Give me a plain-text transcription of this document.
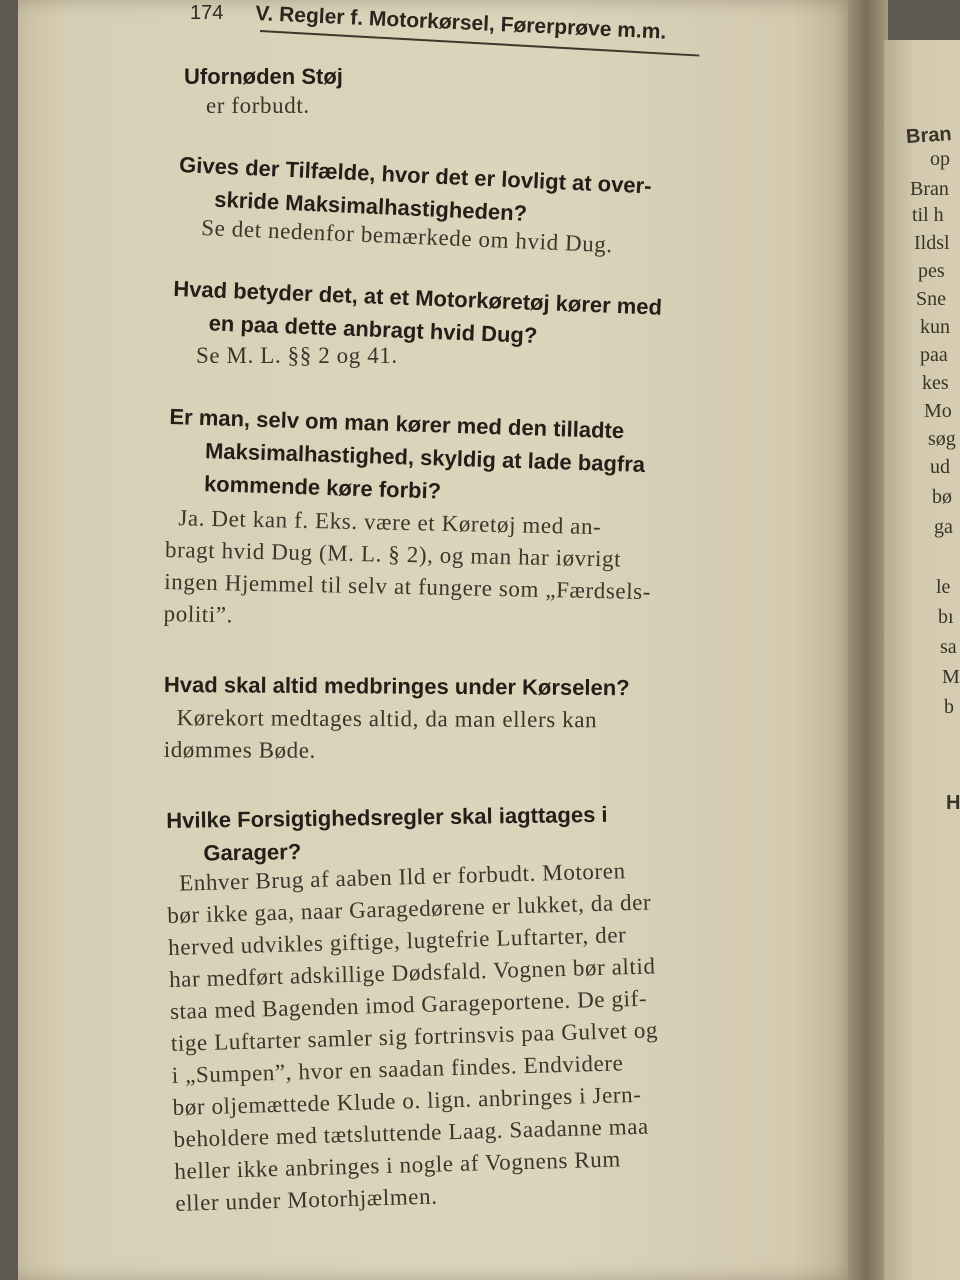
Bran
op
Bran
til h
Ildsl
pes
Sne
kun
paa
kes
Mo
søg
ud
bø
ga
le
bı
sa
M
b
H
174 V. Regler f. Motorkørsel, Førerprøve m.m.
Ufornøden Støj
er forbudt.
Gives der Tilfælde, hvor det er lovligt at over-
skride Maksimalhastigheden?
Se det nedenfor bemærkede om hvid Dug.
Hvad betyder det, at et Motorkøretøj kører med
en paa dette anbragt hvid Dug?
Se M. L. §§ 2 og 41.
Er man, selv om man kører med den tilladte
Maksimalhastighed, skyldig at lade bagfra
kommende køre forbi?
Ja. Det kan f. Eks. være et Køretøj med an-
bragt hvid Dug (M. L. § 2), og man har iøvrigt
ingen Hjemmel til selv at fungere som „Færdsels-
politi”.
Hvad skal altid medbringes under Kørselen?
Kørekort medtages altid, da man ellers kan
idømmes Bøde.
Hvilke Forsigtighedsregler skal iagttages i
Garager?
Enhver Brug af aaben Ild er forbudt. Motoren
bør ikke gaa, naar Garagedørene er lukket, da der
herved udvikles giftige, lugtefrie Luftarter, der
har medført adskillige Dødsfald. Vognen bør altid
staa med Bagenden imod Garageportene. De gif-
tige Luftarter samler sig fortrinsvis paa Gulvet og
i „Sumpen”, hvor en saadan findes. Endvidere
bør oljemættede Klude o. lign. anbringes i Jern-
beholdere med tætsluttende Laag. Saadanne maa
heller ikke anbringes i nogle af Vognens Rum
eller under Motorhjælmen.
